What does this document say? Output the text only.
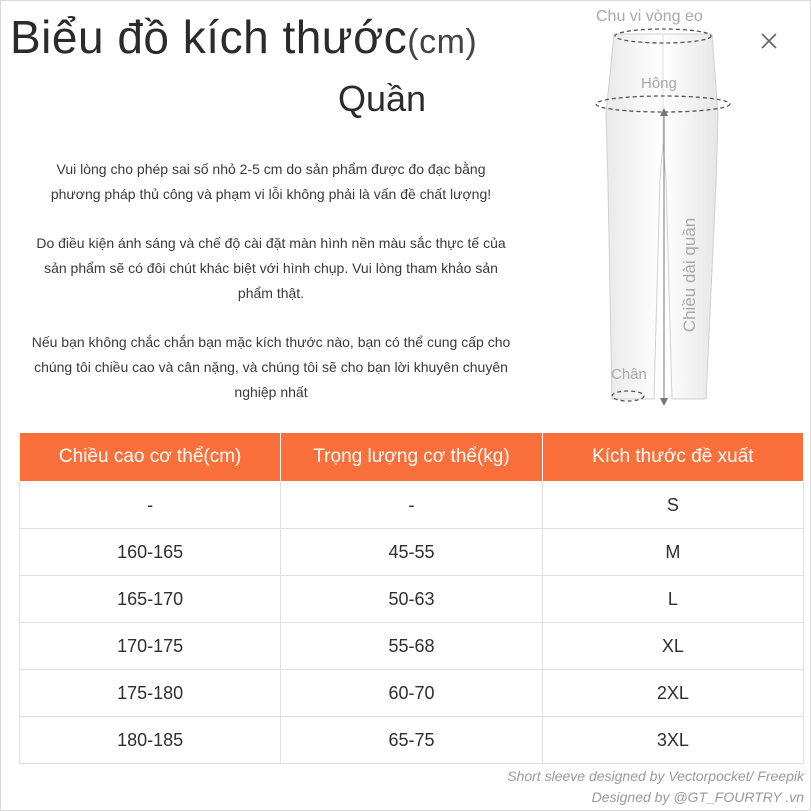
Biểu đồ kích thước(cm)
Quần

Vui lòng cho phép sai số nhỏ 2-5 cm do sản phẩm được đo đạc bằng phương pháp thủ công và phạm vi lỗi không phải là vấn đề chất lượng!

Do điều kiện ánh sáng và chế độ cài đặt màn hình nền màu sắc thực tế của sản phẩm sẽ có đôi chút khác biệt với hình chụp. Vui lòng tham khảo sản phẩm thật.

Nếu bạn không chắc chắn bạn mặc kích thước nào, bạn có thể cung cấp cho chúng tôi chiều cao và cân nặng, và chúng tôi sẽ cho bạn lời khuyên chuyên nghiệp nhất

Chu vi vòng eo
Hông
Chiều dài quần
Chân
Chiều cao cơ thể(cm)	Trọng lượng cơ thể(kg)	Kích thước đề xuất
-	-	S
160-165	45-55	M
165-170	50-63	L
170-175	55-68	XL
175-180	60-70	2XL
180-185	65-75	3XL
Short sleeve designed by Vectorpocket/ Freepik
Designed by @GT_FOURTRY .vn
